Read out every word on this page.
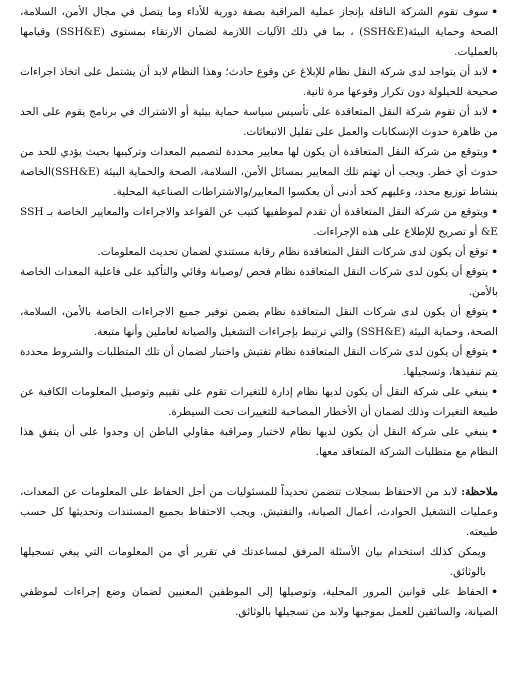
•سوف تقوم الشركة الناقلة بإنجاز عملية المراقبة بصفة دورية للأداء وما يتصل في مجال الأمن، السلامة، الصحة وحماية البيئة(SSH&E) ، بما في ذلك الآليات اللازمة لضمان الارتقاء بمستوى (SSH&E) وقيامها بالعمليات.
•لابد أن يتواجد لدى شركة النقل نظام للإبلاغ عن وقوع حادث؛ وهذا النظام لابد أن يشتمل على اتخاذ اجراءات صحيحة للحيلولة دون تكرار وقوعها مرة ثانية.
•لابد أن تقوم شركة النقل المتعاقدة على تأسيس سياسة حماية بيئية أو الاشتراك في برنامج يقوم على الحد من ظاهرة حدوث الإنسكابات والعمل على تقليل الانبعاثات.
•ويتوقع من شركة النقل المتعاقدة أن يكون لها معايير محددة لتصميم المعدات وتركيبها بحيث يؤدي للحد من حدوث أي خطر. ويجب أن تهتم تلك المعايير بمسائل الأمن، السلامة، الصحة والحماية البيئة (SSH&E)الخاصة بنشاط توزيع محدد، وعليهم كحد أدنى أن يعكسوا المعايير/والاشتراطات الصناعية المحلية.
•ويتوقع من شركة النقل المتعاقدة أن تقدم لموظفيها كتيب عن القواعد والاجراءات والمعايير الخاصة بـ SSH &E أو تصريح للإطلاع على هذه الإجراءات.
•توقع أن يكون لدى شركات النقل المتعاقدة نظام رقابة مستندي لضمان تحديث المعلومات.
•يتوقع أن يكون لدى شركات النقل المتعاقدة نظام فحص /وصيانة وقائي والتأكيد على فاعلية المعدات الخاصة بالأمن.
•يتوقع أن يكون لدى شركات النقل المتعاقدة نظام يضمن توفير جميع الاجراءات الخاصة بالأمن، السلامة، الصحة، وحماية البيئة (SSH&E) والتي ترتبط بإجراءات التشغيل والصيانة لعاملين وأنها متبعة.
•يتوقع أن يكون لدى شركات النقل المتعاقدة نظام تفتيش واختبار لضمان أن تلك المتطلبات والشروط محددة يتم تنفيذها، وتسجيلها.
•ينبغي على شركة النقل أن يكون لديها نظام إدارة للتغيرات تقوم على تقييم وتوصيل المعلومات الكافية عن طبيعة التغيرات وذلك لضمان أن الأخطار المصاحبة للتغييرات تحت السيطرة.
•ينبغي على شركة النقل أن يكون لديها نظام لاختبار ومراقبة مقاولي الباطن إن وجدوا على أن يتفق هذا النظام مع متطلبات الشركة المتعاقد معها.

ملاحظة: لابد من الاحتفاظ بسجلات تتضمن تحديداً للمسئوليات من أجل الحفاظ على المعلومات عن المعدات، وعمليات التشغيل الحوادث، أعمال الصيانة، والتفتيش. ويجب الاحتفاظ بجميع المستندات وتحديثها كل حسب طبيعته.

ويمكن كذلك استخدام بيان الأسئلة المرفق لمساعدتك في تقرير أي من المعلومات التي يبغي تسجيلها بالوثائق.

•الحفاظ على قوانين المرور المحلية، وتوصيلها إلى الموظفين المعنيين لضمان وضع إجراءات لموظفي الصيانة، والسائقين للعمل بموجبها ولابد من تسجيلها بالوثائق.
